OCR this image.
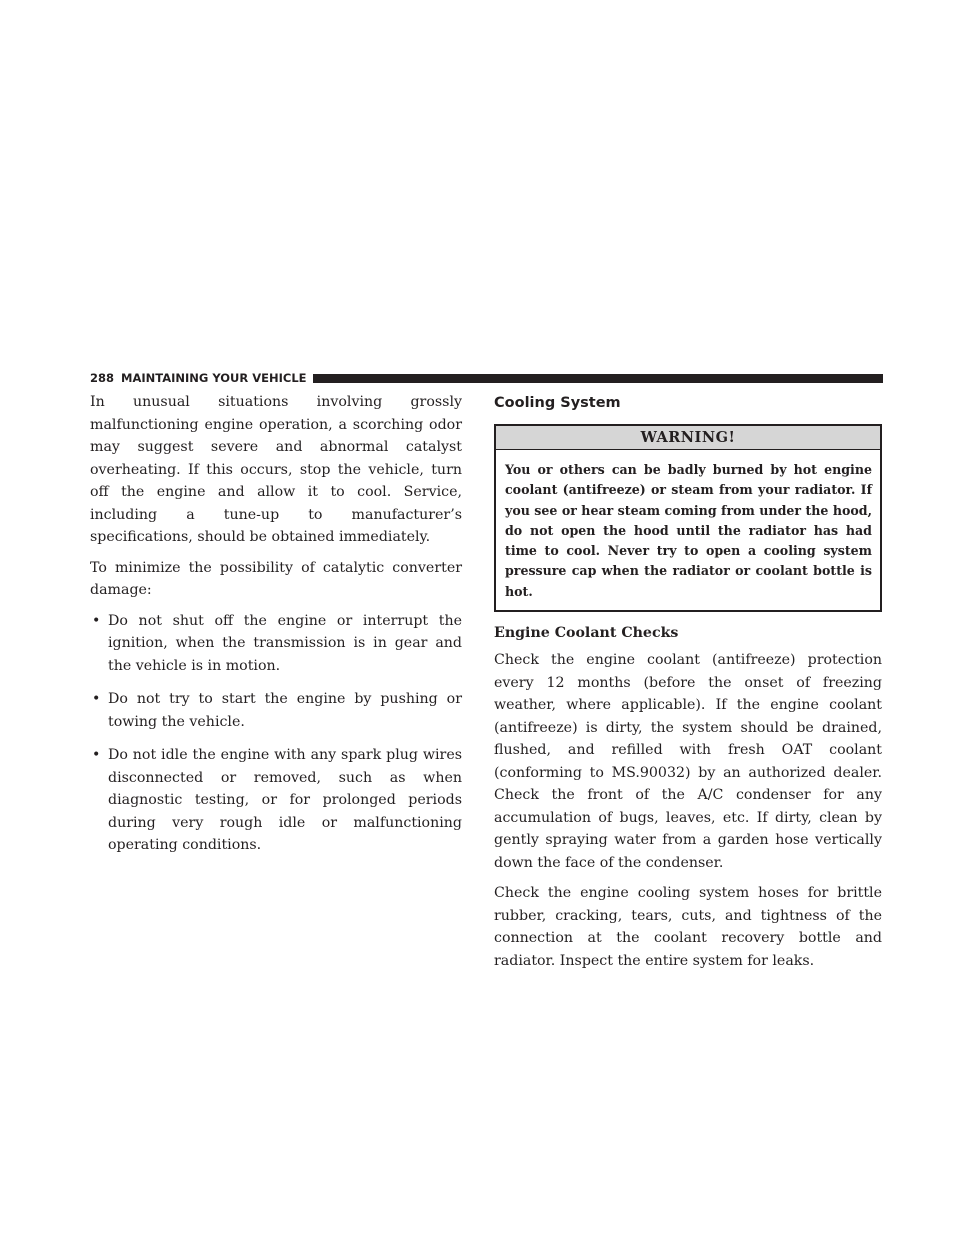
288 MAINTAINING YOUR VEHICLE

In unusual situations involving grossly malfunctioning engine operation, a scorching odor may suggest severe and abnormal catalyst overheating. If this occurs, stop the vehicle, turn off the engine and allow it to cool. Service, including a tune-up to manufacturer’s specifications, should be obtained immediately.

To minimize the possibility of catalytic converter damage:

• Do not shut off the engine or interrupt the ignition, when the transmission is in gear and the vehicle is in motion.
• Do not try to start the engine by pushing or towing the vehicle.
• Do not idle the engine with any spark plug wires disconnected or removed, such as when diagnostic testing, or for prolonged periods during very rough idle or malfunctioning operating conditions.
Cooling System
WARNING!

You or others can be badly burned by hot engine coolant (antifreeze) or steam from your radiator. If you see or hear steam coming from under the hood, do not open the hood until the radiator has had time to cool. Never try to open a cooling system pressure cap when the radiator or coolant bottle is hot.

Engine Coolant Checks

Check the engine coolant (antifreeze) protection every 12 months (before the onset of freezing weather, where applicable). If the engine coolant (antifreeze) is dirty, the system should be drained, flushed, and refilled with fresh OAT coolant (conforming to MS.90032) by an authorized dealer. Check the front of the A/C condenser for any accumulation of bugs, leaves, etc. If dirty, clean by gently spraying water from a garden hose vertically down the face of the condenser.

Check the engine cooling system hoses for brittle rubber, cracking, tears, cuts, and tightness of the connection at the coolant recovery bottle and radiator. Inspect the entire system for leaks.
